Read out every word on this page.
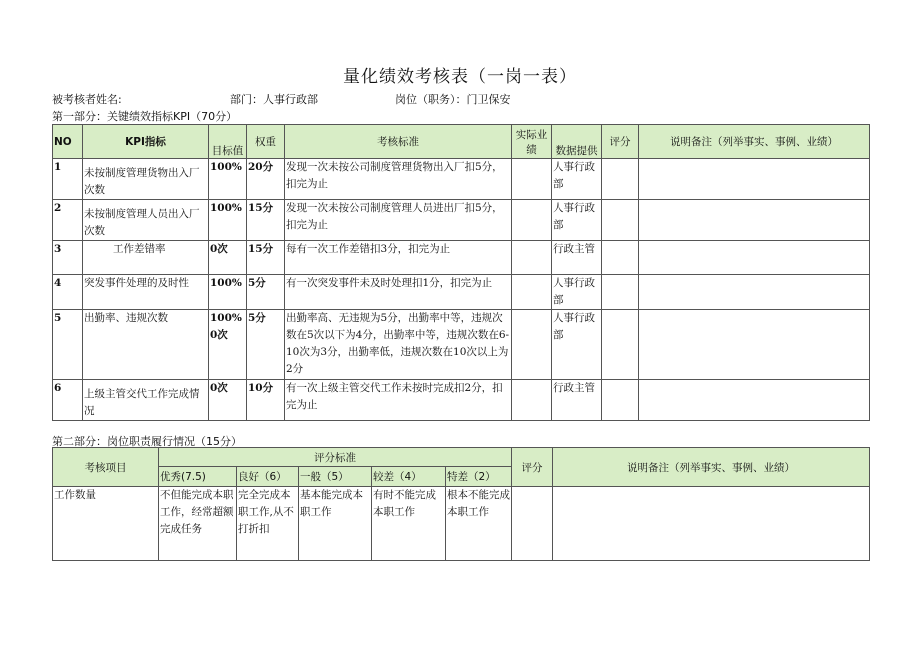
量化绩效考核表（一岗一表）
被考核者姓名:	部门：人事行政部	岗位（职务）：门卫保安
第一部分：关键绩效指标KPI（70分）
NO	KPI指标	目标值	权重	考核标准	实际业绩	数据提供	评分	说明备注（列举事实、事例、业绩）
1	未按制度管理货物出入厂次数	100%	20分	发现一次未按公司制度管理货物出入厂扣5分，扣完为止		人事行政部		
2	未按制度管理人员出入厂次数	100%	15分	发现一次未按公司制度管理人员进出厂扣5分，扣完为止		人事行政部		
3	工作差错率	0次	15分	每有一次工作差错扣3分，扣完为止		行政主管		
4	突发事件处理的及时性	100%	5分	有一次突发事件未及时处理扣1分，扣完为止		人事行政部		
5	出勤率、违规次数	100% 0次	5分	出勤率高、无违规为5分，出勤率中等，违规次数在5次以下为4分，出勤率中等，违规次数在6-10次为3分，出勤率低，违规次数在10次以上为2分		人事行政部		
6	上级主管交代工作完成情况	0次	10分	有一次上级主管交代工作未按时完成扣2分，扣完为止		行政主管		
第二部分：岗位职责履行情况（15分）
考核项目	评分标准					评分	说明备注（列举事实、事例、业绩）
	优秀(7.5)	良好（6）	一般（5）	较差（4）	特差（2）		
工作数量	不但能完成本职工作，经常超额完成任务	完全完成本职工作,从不打折扣	基本能完成本职工作	有时不能完成本职工作	根本不能完成本职工作		
